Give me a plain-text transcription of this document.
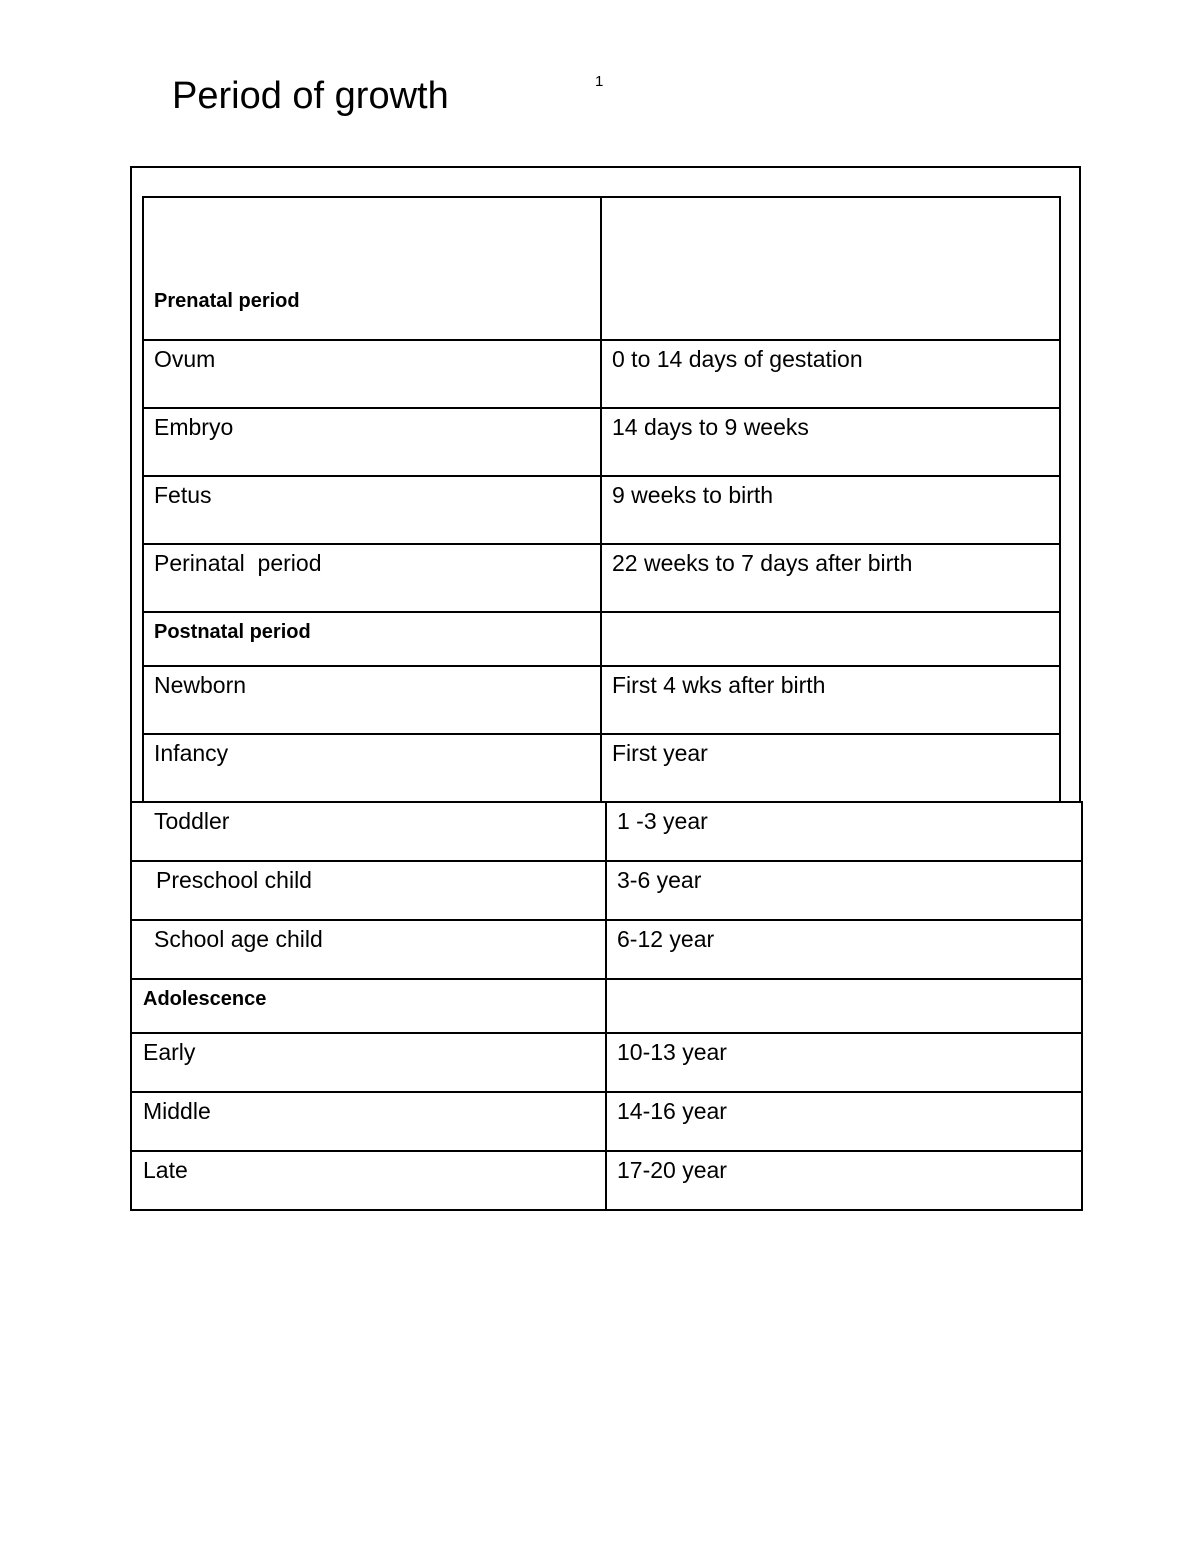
Period of growth	1
Prenatal period	
Ovum	0 to 14 days of gestation
Embryo	14 days to 9 weeks
Fetus	9 weeks to birth
Perinatal  period	22 weeks to 7 days after birth
Postnatal period	
Newborn	First 4 wks after birth
Infancy	First year
Toddler	1 -3 year
Preschool child	3-6 year
School age child	6-12 year
Adolescence	
Early	10-13 year
Middle	14-16 year
Late	17-20 year
